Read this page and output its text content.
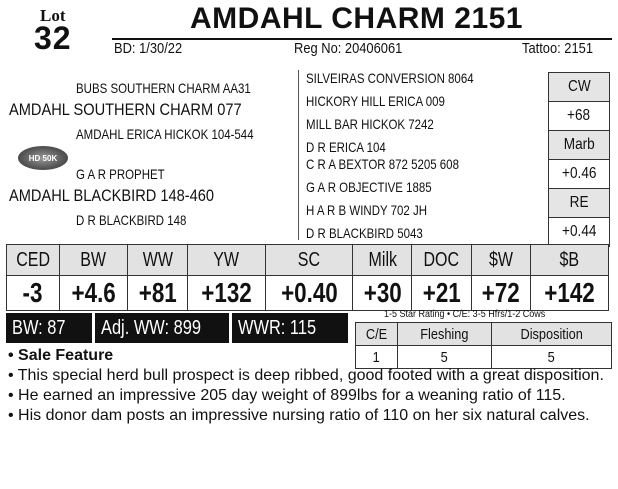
Lot
32
AMDAHL CHARM 2151
BD: 1/30/22	Reg No: 20406061	Tattoo: 2151
BUBS SOUTHERN CHARM AA31
AMDAHL SOUTHERN CHARM 077
AMDAHL ERICA HICKOK 104-544
HD 50K
G A R PROPHET
AMDAHL BLACKBIRD 148-460
D R BLACKBIRD 148
SILVEIRAS CONVERSION 8064
HICKORY HILL ERICA 009
MILL BAR HICKOK 7242
D R ERICA 104
C R A BEXTOR 872 5205 608
G A R OBJECTIVE 1885
H A R B WINDY 702 JH
D R BLACKBIRD 5043
CW
+68
Marb
+0.46
RE
+0.44
CED	BW	WW	YW	SC	Milk	DOC	$W	$B
-3	+4.6	+81	+132	+0.40	+30	+21	+72	+142
BW: 87	Adj. WW: 899	WWR: 115
1-5 Star Rating • C/E: 3-5 Hfrs/1-2 Cows
C/E	Fleshing	Disposition
1	5	5

• Sale Feature

• This special herd bull prospect is deep ribbed, good footed with a great disposition.

• He earned an impressive 205 day weight of 899lbs for a weaning ratio of 115.

• His donor dam posts an impressive nursing ratio of 110 on her six natural calves.
